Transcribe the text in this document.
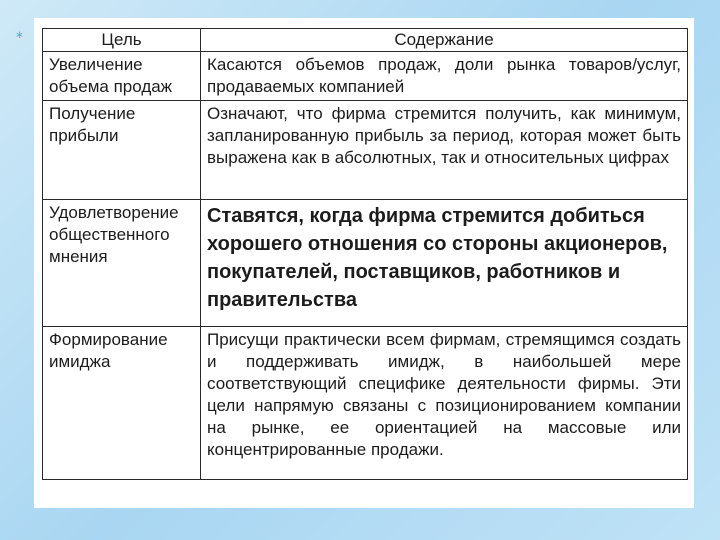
*	Цель	Содержание
Увеличение объема продаж	Касаются объемов продаж, доли рынка товаров/услуг, продаваемых компанией
Получение прибыли	Означают, что фирма стремится получить, как минимум, запланированную прибыль за период, которая может быть выражена как в абсолютных, так и относительных цифрах
Удовлетворение общественного мнения	Ставятся, когда фирма стремится добиться хорошего отношения со стороны акционеров, покупателей, поставщиков, работников и правительства
Формирование имиджа	Присущи практически всем фирмам, стремящимся создать и поддерживать имидж, в наибольшей мере соответствующий специфике деятельности фирмы. Эти цели напрямую связаны с позиционированием компании на рынке, ее ориентацией на массовые или концентрированные продажи.
